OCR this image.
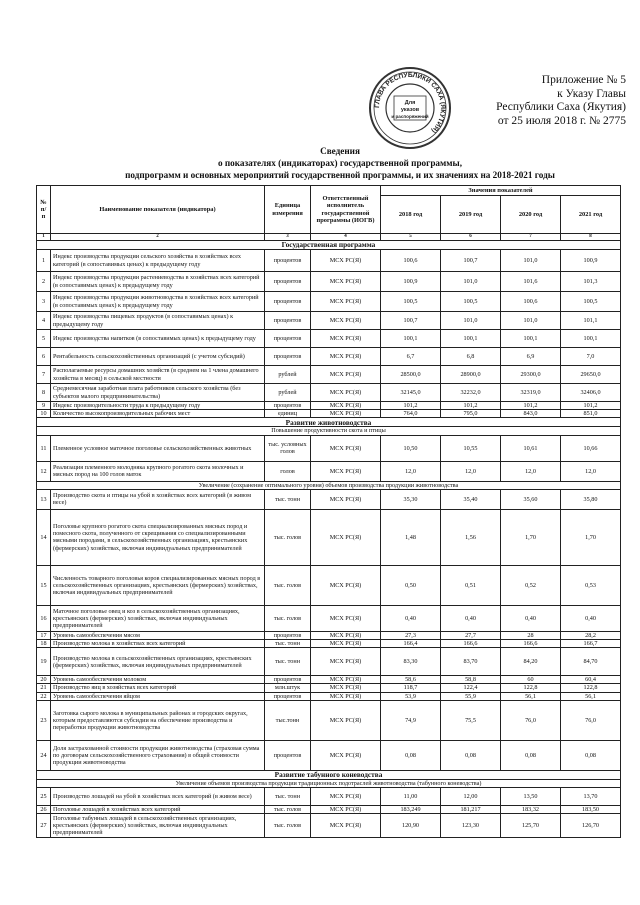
ГЛАВА РЕСПУБЛИКИ САХА (ЯКУТИЯ)
Для
указов
и распоряжений
Приложение № 5
к Указу Главы
Республики Саха (Якутия)
от 25 июля 2018 г. № 2775
Сведения
о показателях (индикаторах) государственной программы,
подпрограмм и основных мероприятий государственной программы, и их значениях на 2018-2021 годы
№ п/п	Наименование показателя (индикатора)	Единица измерения	Ответственный исполнитель государственной программы (ИОГВ)	Значения показателей			
				2018 год	2019 год	2020 год	2021 год
1	2	3	4	5	6	7	8
Государственная программа							
1	Индекс производства продукции сельского хозяйства в хозяйствах всех категорий (в сопоставимых ценах) к предыдущему году	процентов	МСХ РС(Я)	100,6	100,7	101,0	100,9
2	Индекс производства продукции растениеводства в хозяйствах всех категорий (в сопоставимых ценах) к предыдущему году	процентов	МСХ РС(Я)	100,9	101,0	101,6	101,3
3	Индекс производства продукции животноводства в хозяйствах всех категорий (в сопоставимых ценах) к предыдущему году	процентов	МСХ РС(Я)	100,5	100,5	100,6	100,5
4	Индекс производства пищевых продуктов (в сопоставимых ценах) к предыдущему году	процентов	МСХ РС(Я)	100,7	101,0	101,0	101,1
5	Индекс производства напитков (в сопоставимых ценах) к предыдущему году	процентов	МСХ РС(Я)	100,1	100,1	100,1	100,1
6	Рентабельность сельскохозяйственных организаций (с учетом субсидий)	процентов	МСХ РС(Я)	6,7	6,8	6,9	7,0
7	Располагаемые ресурсы домашних хозяйств (в среднем на 1 члена домашнего хозяйства в месяц) в сельской местности	рублей	МСХ РС(Я)	28500,0	28900,0	29300,0	29650,0
8	Среднемесячная заработная плата работников сельского хозяйства (без субъектов малого предпринимательства)	рублей	МСХ РС(Я)	32145,0	32232,0	32319,0	32406,0
9	Индекс производительности труда к предыдущему году	процентов	МСХ РС(Я)	101,2	101,2	101,2	101,2
10	Количество высокопроизводительных рабочих мест	единиц	МСХ РС(Я)	764,0	795,0	843,0	851,0
Развитие животноводства							
Повышение продуктивности скота и птицы							
11	Племенное условное маточное поголовье сельскохозяйственных животных	тыс. условных голов	МСХ РС(Я)	10,50	10,55	10,61	10,66
12	Реализация племенного молодняка крупного рогатого скота молочных и мясных пород на 100 голов маток	голов	МСХ РС(Я)	12,0	12,0	12,0	12,0
Увеличение (сохранение оптимального уровня) объемов производства продукции животноводства							
13	Производство скота и птицы на убой в хозяйствах всех категорий (в живом весе)	тыс. тонн	МСХ РС(Я)	35,30	35,40	35,60	35,80
14	Поголовье крупного рогатого скота специализированных мясных пород и помесного скота, полученного от скрещивания со специализированными мясными породами, в сельскохозяйственных организациях, крестьянских (фермерских) хозяйствах, включая индивидуальных предпринимателей	тыс. голов	МСХ РС(Я)	1,48	1,56	1,70	1,70
15	Численность товарного поголовья коров специализированных мясных пород в сельскохозяйственных организациях, крестьянских (фермерских) хозяйствах, включая индивидуальных предпринимателей	тыс. голов	МСХ РС(Я)	0,50	0,51	0,52	0,53
16	Маточное поголовье овец и коз в сельскохозяйственных организациях, крестьянских (фермерских) хозяйствах, включая индивидуальных предпринимателей	тыс. голов	МСХ РС(Я)	0,40	0,40	0,40	0,40
17	Уровень самообеспечения мясом	процентов	МСХ РС(Я)	27,3	27,7	28	28,2
18	Производство молока в хозяйствах всех категорий	тыс. тонн	МСХ РС(Я)	166,4	166,6	166,6	166,7
19	Производство молока в сельскохозяйственных организациях, крестьянских (фермерских) хозяйствах, включая индивидуальных предпринимателей	тыс. тонн	МСХ РС(Я)	83,30	83,70	84,20	84,70
20	Уровень самообеспечения молоком	процентов	МСХ РС(Я)	58,6	58,8	60	60,4
21	Производство яиц в хозяйствах всех категорий	млн.штук	МСХ РС(Я)	118,7	122,4	122,8	122,8
22	Уровень самообеспечения яйцом	процентов	МСХ РС(Я)	53,9	55,9	56,1	56,1
23	Заготовка сырого молока в муниципальных районах и городских округах, которым предоставляются субсидии на обеспечение производства и переработки продукции животноводства	тыс.тонн	МСХ РС(Я)	74,9	75,5	76,0	76,0
24	Доля застрахованной стоимости продукции животноводства (страховая сумма по договорам сельскохозяйственного страхования) в общей стоимости продукции животноводства	процентов	МСХ РС(Я)	0,08	0,08	0,08	0,08
Развитие табунного коневодства							
Увеличение объемов производства продукции традиционных подотраслей животноводства (табунного коневодства)							
25	Производство лошадей на убой в хозяйствах всех категорий (в живом весе)	тыс. тонн	МСХ РС(Я)	11,00	12,00	13,50	13,70
26	Поголовье лошадей в хозяйствах всех категорий	тыс. голов	МСХ РС(Я)	183,249	181,217	183,32	183,50
27	Поголовье табунных лошадей в сельскохозяйственных организациях, крестьянских (фермерских) хозяйствах, включая индивидуальных предпринимателей	тыс. голов	МСХ РС(Я)	120,90	123,30	125,70	126,70
